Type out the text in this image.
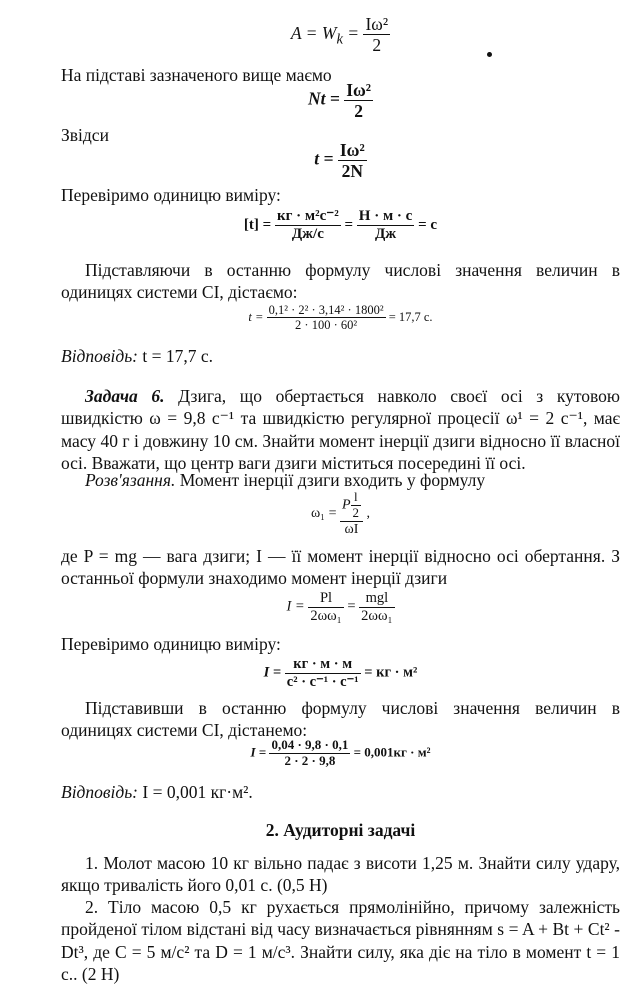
$A = W_k = \frac{\text{Iω²}}{2}$

На підставі зазначеного вище маємо

$Nt = \frac{\text{Iω²}}{2}$

Звідси

$t = \frac{\text{Iω²}}{2N}$

Перевіримо одиницю виміру:

[t] =
кг · м²с⁻²
Дж/с
=
Н · м · с
Дж
= с

Підставляючи в останню формулу числові значення величин в одиницях системи СІ, дістаємо:

$t = \frac{\text{0,1² · 2² · 3,14² · 1800²}}{\text{2 · 100 · 60²}} = 17,7$ с.

Відповідь: t = 17,7 с.

Задача 6. Дзига, що обертається навколо своєї осі з кутовою швидкістю ω = 9,8 с⁻¹ та швидкістю регулярної процесії ω¹ = 2 с⁻¹, має масу 40 г і довжину 10 см. Знайти момент інерції дзиги відносно її власної осі. Вважати, що центр ваги дзиги міститься посередині її осі.

Розв'язання. Момент інерції дзиги входить у формулу

$\omega_1 = \frac{P \frac{l}{2}}{\omega I}$ ,

де P = mg — вага дзиги; I — її момент інерції відносно осі обертання. З останньої формули знаходимо момент інерції дзиги

$I = \frac{Pl}{\text{2ωω₁}}$ =
mgl
2ωω₁

Перевіримо одиницю виміру:

I =
кг · м · м
с² · с⁻¹ · с⁻¹
= кг · м²

Підставивши в останню формулу числові значення величин в одиницях системи СІ, дістанемо:

$I = \frac{0,04 \cdot 9,8 \cdot 0,1}{2 \cdot 2 \cdot 9,8} = 0,001кг \cdot м^2$

Відповідь: I = 0,001 кг·м².

2. Аудиторні задачі

1. Молот масою 10 кг вільно падає з висоти 1,25 м. Знайти силу удару, якщо тривалість його 0,01 с. (0,5 Н)

2. Тіло масою 0,5 кг рухається прямолінійно, причому залежність пройденої тілом відстані від часу визначається рівнянням s = A + Bt + Ct² - Dt³, де C = 5 м/с² та D = 1 м/с³. Знайти силу, яка діє на тіло в момент t = 1 с.. (2 Н)
